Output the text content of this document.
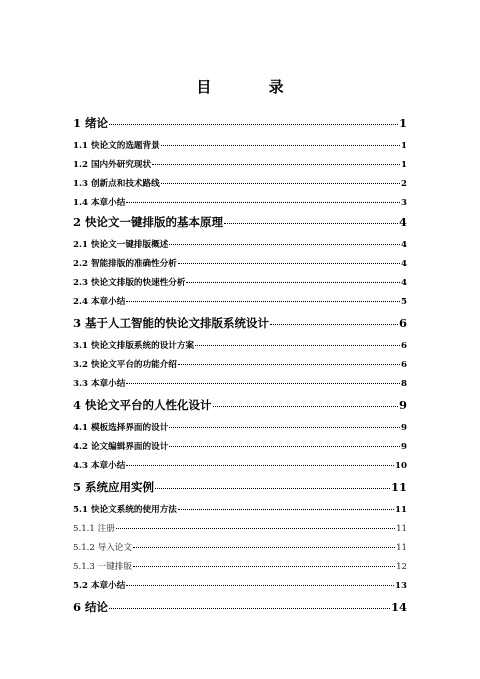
目 录
1 绪论	1
1.1 快论文的选题背景	1
1.2 国内外研究现状	1
1.3 创新点和技术路线	2
1.4 本章小结	3
2 快论文一键排版的基本原理	4
2.1 快论文一键排版概述	4
2.2 智能排版的准确性分析	4
2.3 快论文排版的快速性分析	4
2.4 本章小结	5
3 基于人工智能的快论文排版系统设计	6
3.1 快论文排版系统的设计方案	6
3.2 快论文平台的功能介绍	6
3.3 本章小结	8
4 快论文平台的人性化设计	9
4.1 模板选择界面的设计	9
4.2 论文编辑界面的设计	9
4.3 本章小结	10
5 系统应用实例	11
5.1 快论文系统的使用方法	11
5.1.1 注册	11
5.1.2 导入论文	11
5.1.3 一键排版	12
5.2 本章小结	13
6 结论	14
